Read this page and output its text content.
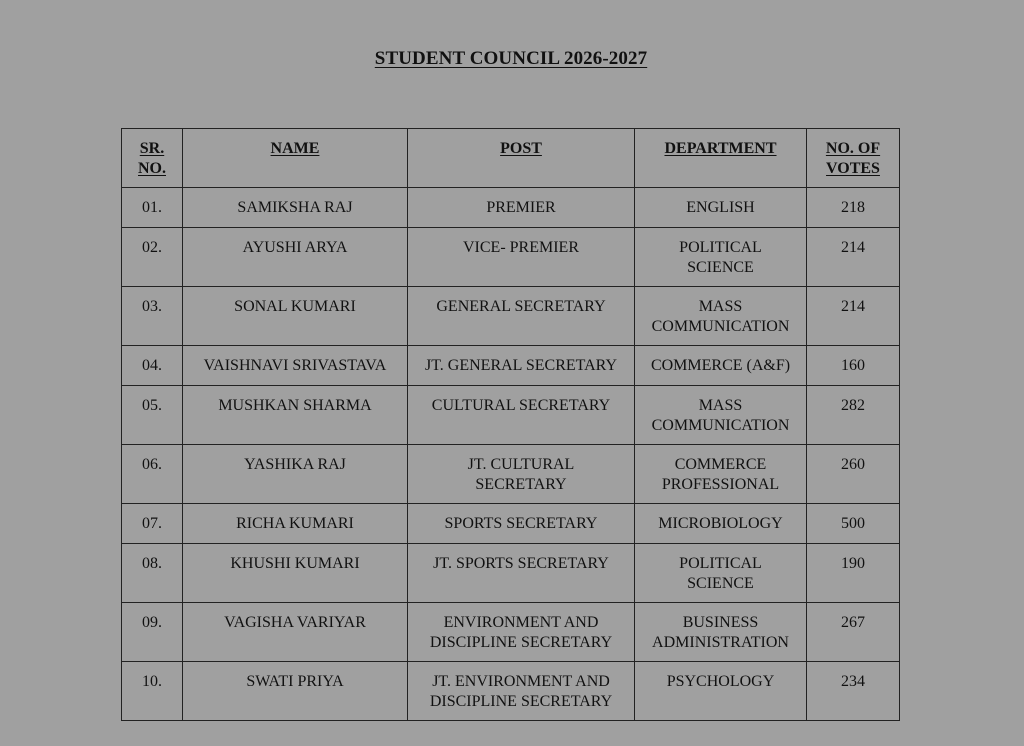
STUDENT COUNCIL 2026-2027
SR.
NO.	NAME	POST	DEPARTMENT	NO. OF
VOTES
01.	SAMIKSHA RAJ	PREMIER	ENGLISH	218
02.	AYUSHI ARYA	VICE- PREMIER	POLITICAL
SCIENCE	214
03.	SONAL KUMARI	GENERAL SECRETARY	MASS
COMMUNICATION	214
04.	VAISHNAVI SRIVASTAVA	JT. GENERAL SECRETARY	COMMERCE (A&F)	160
05.	MUSHKAN SHARMA	CULTURAL SECRETARY	MASS
COMMUNICATION	282
06.	YASHIKA RAJ	JT. CULTURAL
SECRETARY	COMMERCE
PROFESSIONAL	260
07.	RICHA KUMARI	SPORTS SECRETARY	MICROBIOLOGY	500
08.	KHUSHI KUMARI	JT. SPORTS SECRETARY	POLITICAL
SCIENCE	190
09.	VAGISHA VARIYAR	ENVIRONMENT AND
DISCIPLINE SECRETARY	BUSINESS
ADMINISTRATION	267
10.	SWATI PRIYA	JT. ENVIRONMENT AND
DISCIPLINE SECRETARY	PSYCHOLOGY	234
